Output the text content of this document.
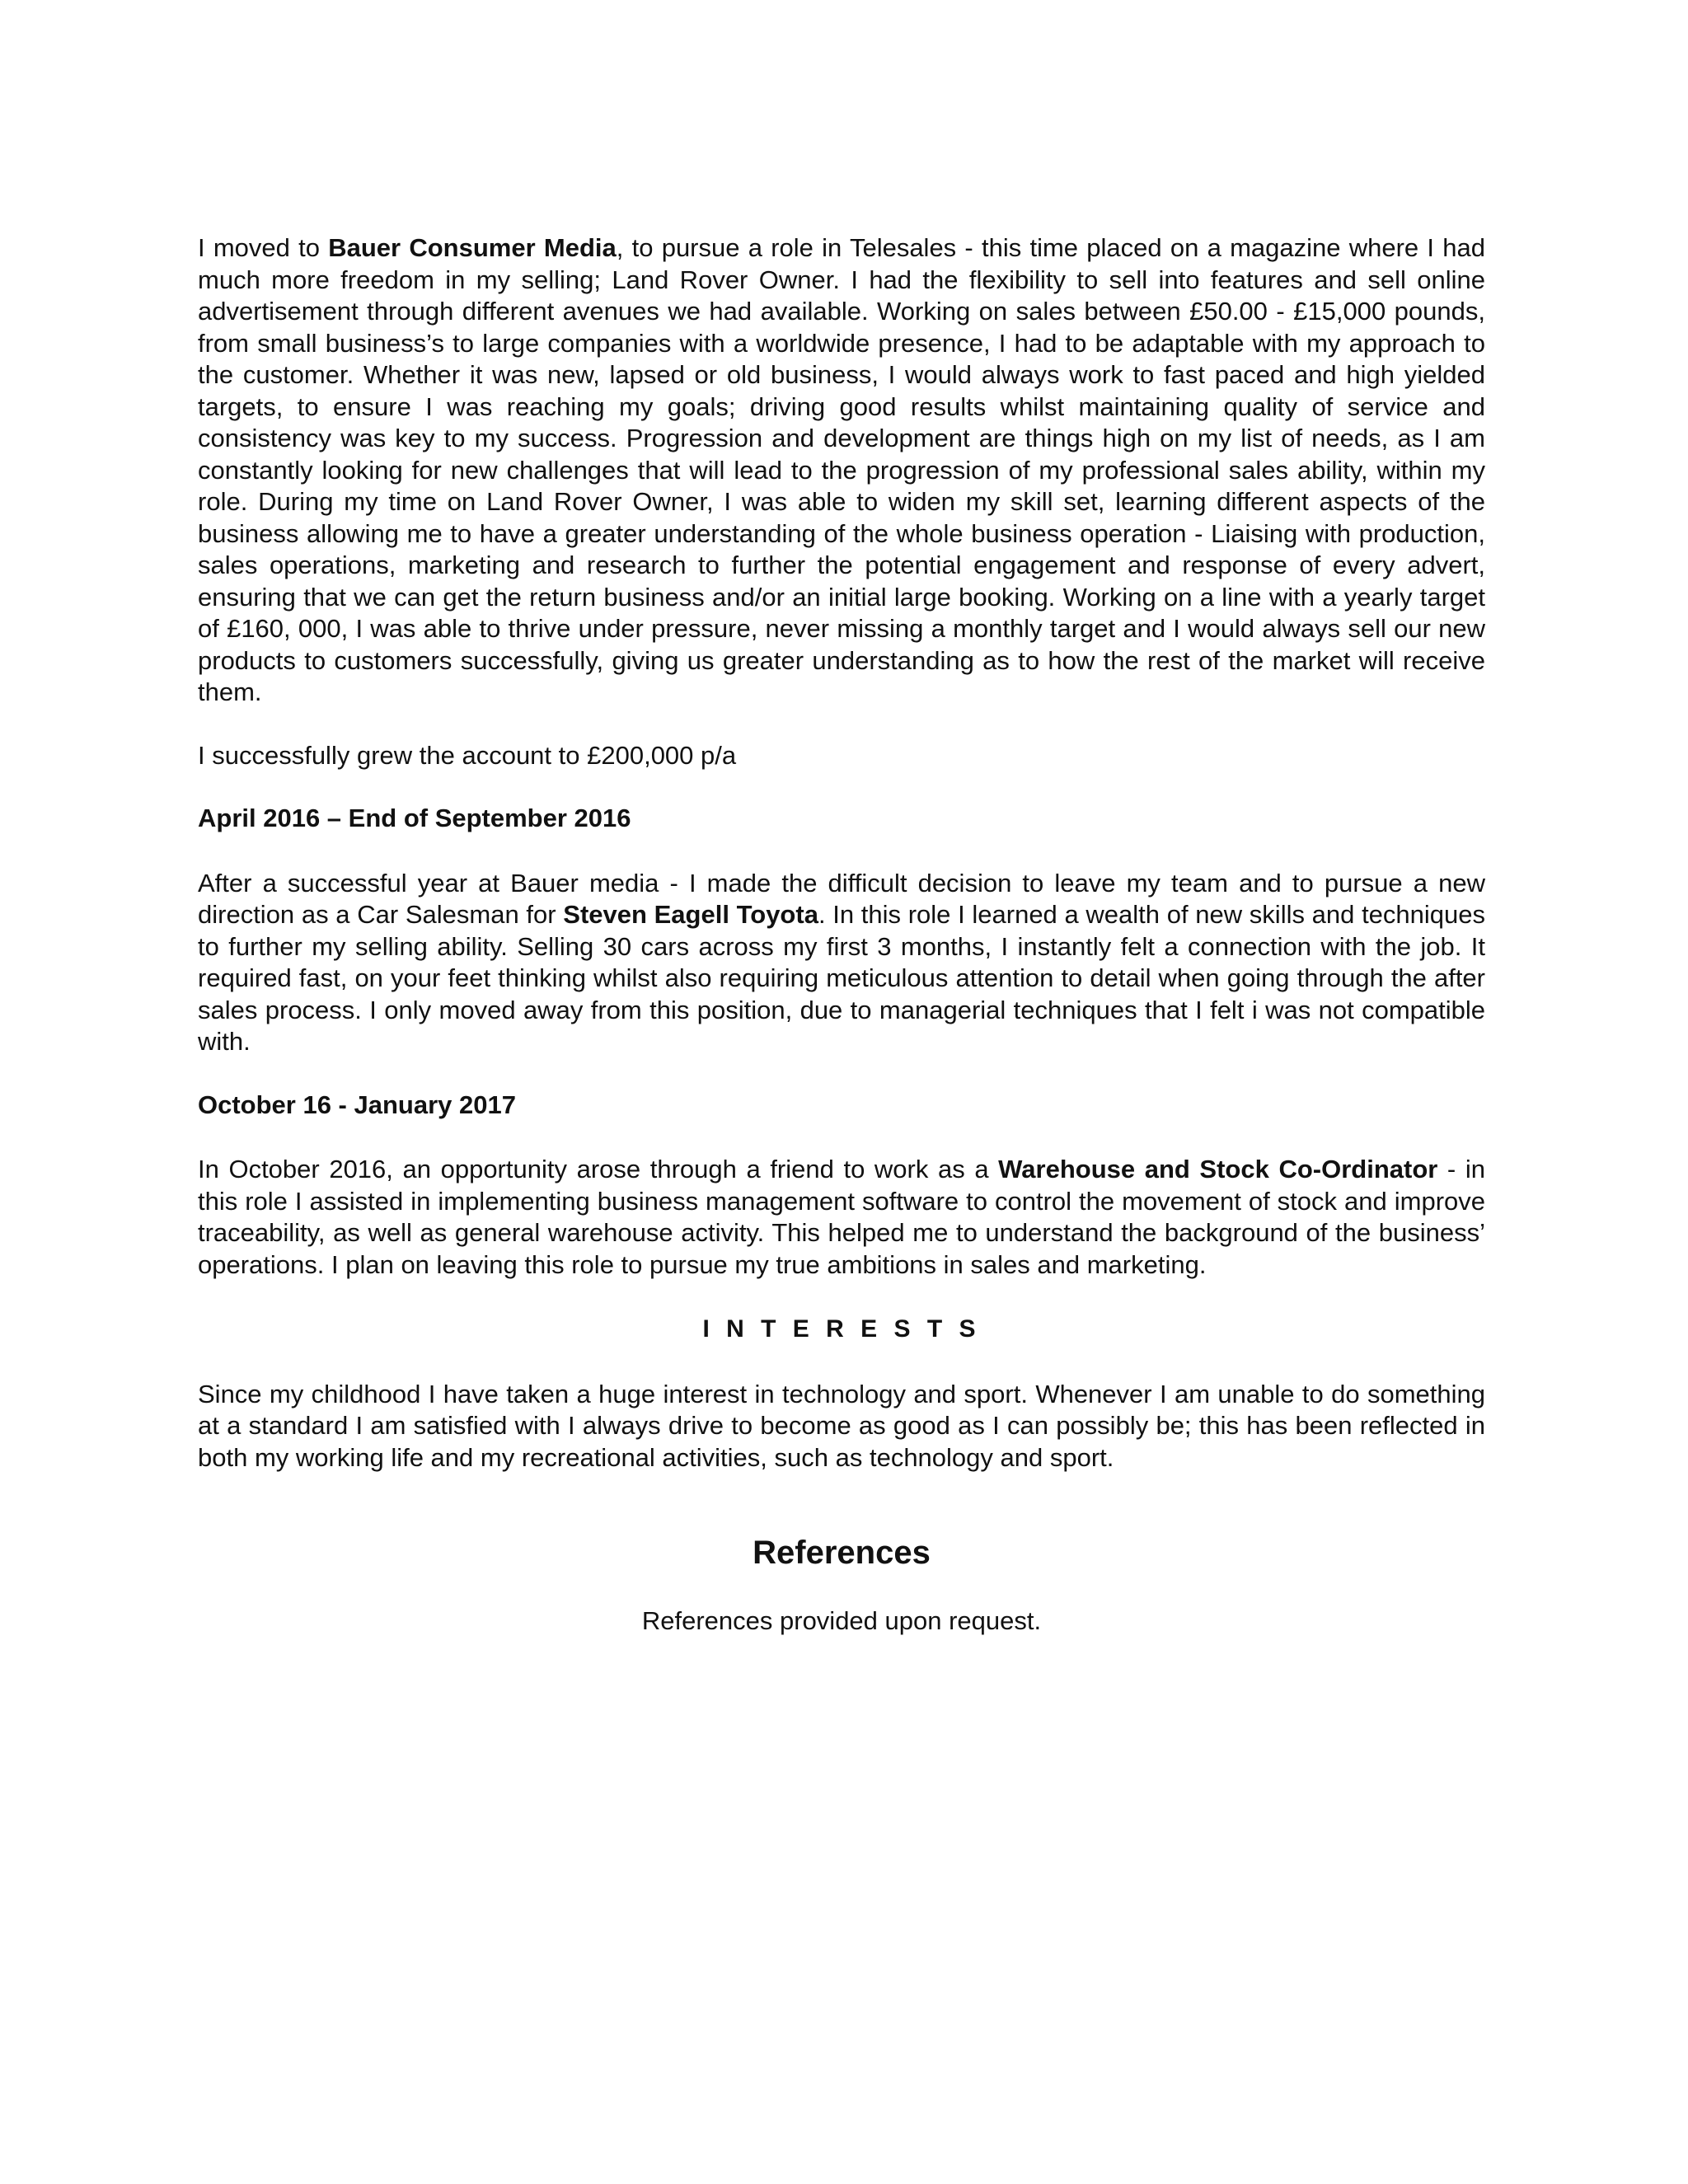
I moved to Bauer Consumer Media, to pursue a role in Telesales - this time placed on a magazine where I had much more freedom in my selling; Land Rover Owner. I had the flexibility to sell into features and sell online advertisement through different avenues we had available. Working on sales between £50.00 - £15,000 pounds, from small business’s to large companies with a worldwide presence, I had to be adaptable with my approach to the customer. Whether it was new, lapsed or old business, I would always work to fast paced and high yielded targets, to ensure I was reaching my goals; driving good results whilst maintaining quality of service and consistency was key to my success. Progression and development are things high on my list of needs, as I am constantly looking for new challenges that will lead to the progression of my professional sales ability, within my role. During my time on Land Rover Owner, I was able to widen my skill set, learning different aspects of the business allowing me to have a greater understanding of the whole business operation - Liaising with production, sales operations, marketing and research to further the potential engagement and response of every advert, ensuring that we can get the return business and/or an initial large booking. Working on a line with a yearly target of £160, 000, I was able to thrive under pressure, never missing a monthly target and I would always sell our new products to customers successfully, giving us greater understanding as to how the rest of the market will receive them.

I successfully grew the account to £200,000 p/a

April 2016 – End of September 2016

After a successful year at Bauer media - I made the difficult decision to leave my team and to pursue a new direction as a Car Salesman for Steven Eagell Toyota. In this role I learned a wealth of new skills and techniques to further my selling ability. Selling 30 cars across my first 3 months, I instantly felt a connection with the job. It required fast, on your feet thinking whilst also requiring meticulous attention to detail when going through the after sales process. I only moved away from this position, due to managerial techniques that I felt i was not compatible with.

October 16 - January 2017

In October 2016, an opportunity arose through a friend to work as a Warehouse and Stock Co-Ordinator - in this role I assisted in implementing business management software to control the movement of stock and improve traceability, as well as general warehouse activity. This helped me to understand the background of the business’ operations. I plan on leaving this role to pursue my true ambitions in sales and marketing.

I N T E R E S T S

Since my childhood I have taken a huge interest in technology and sport. Whenever I am unable to do something at a standard I am satisfied with I always drive to become as good as I can possibly be; this has been reflected in both my working life and my recreational activities, such as technology and sport.

References

References provided upon request.
